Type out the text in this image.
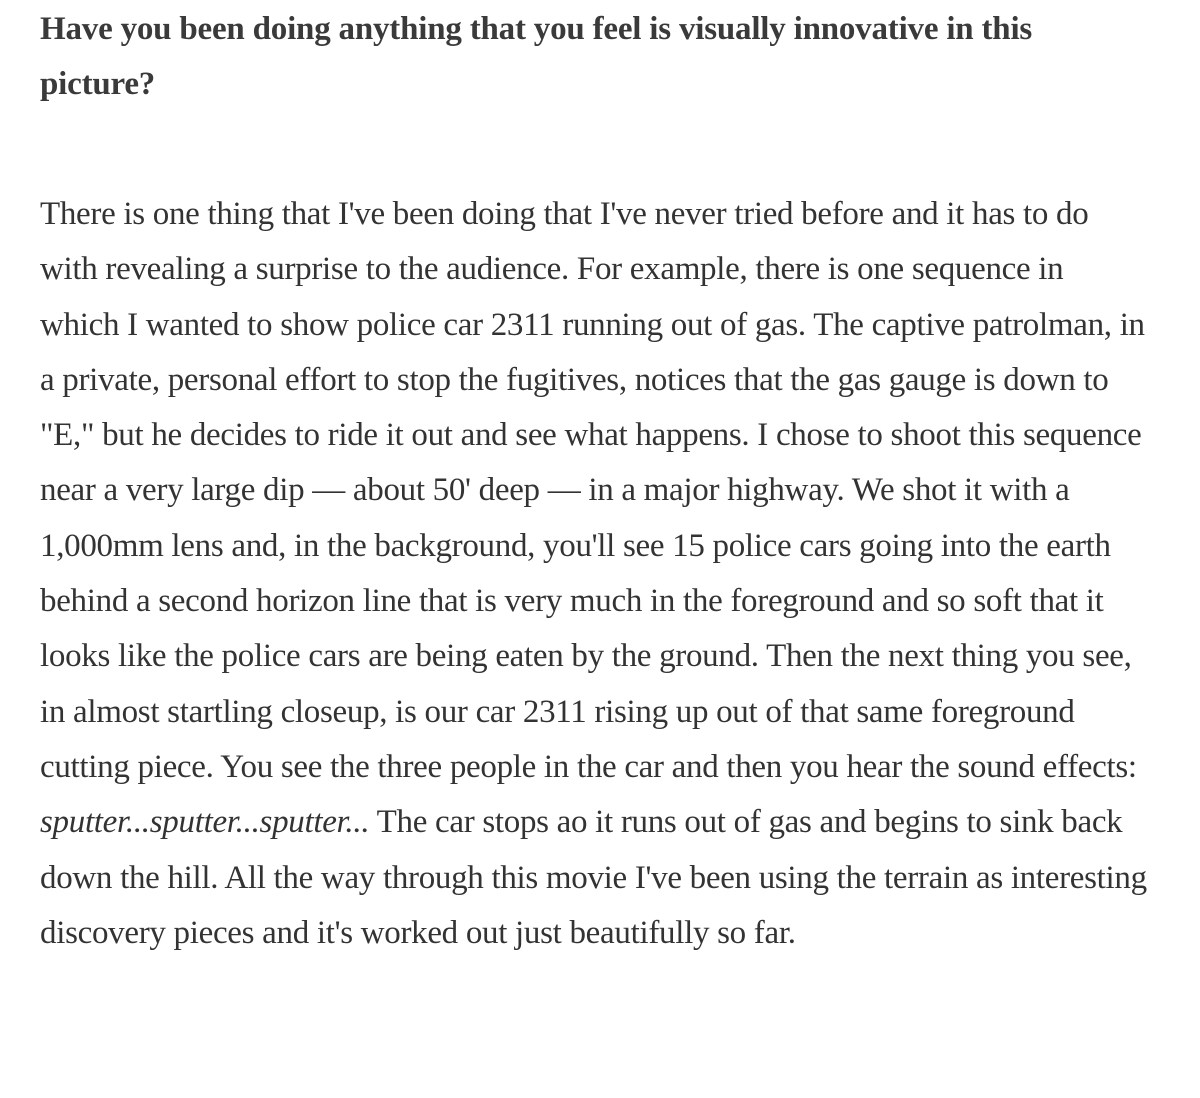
Have you been doing anything that you feel is visually innovative in this picture?

There is one thing that I've been doing that I've never tried before and it has to do with revealing a surprise to the audience. For example, there is one sequence in which I wanted to show police car 2311 running out of gas. The captive patrolman, in a private, personal effort to stop the fugitives, notices that the gas gauge is down to "E," but he decides to ride it out and see what happens. I chose to shoot this sequence near a very large dip — about 50' deep — in a major highway. We shot it with a 1,000mm lens and, in the background, you'll see 15 police cars going into the earth behind a second horizon line that is very much in the foreground and so soft that it looks like the police cars are being eaten by the ground. Then the next thing you see, in almost startling closeup, is our car 2311 rising up out of that same foreground cutting piece. You see the three people in the car and then you hear the sound effects: sputter...sputter...sputter... The car stops ao it runs out of gas and begins to sink back down the hill. All the way through this movie I've been using the terrain as interesting discovery pieces and it's worked out just beautifully so far.
